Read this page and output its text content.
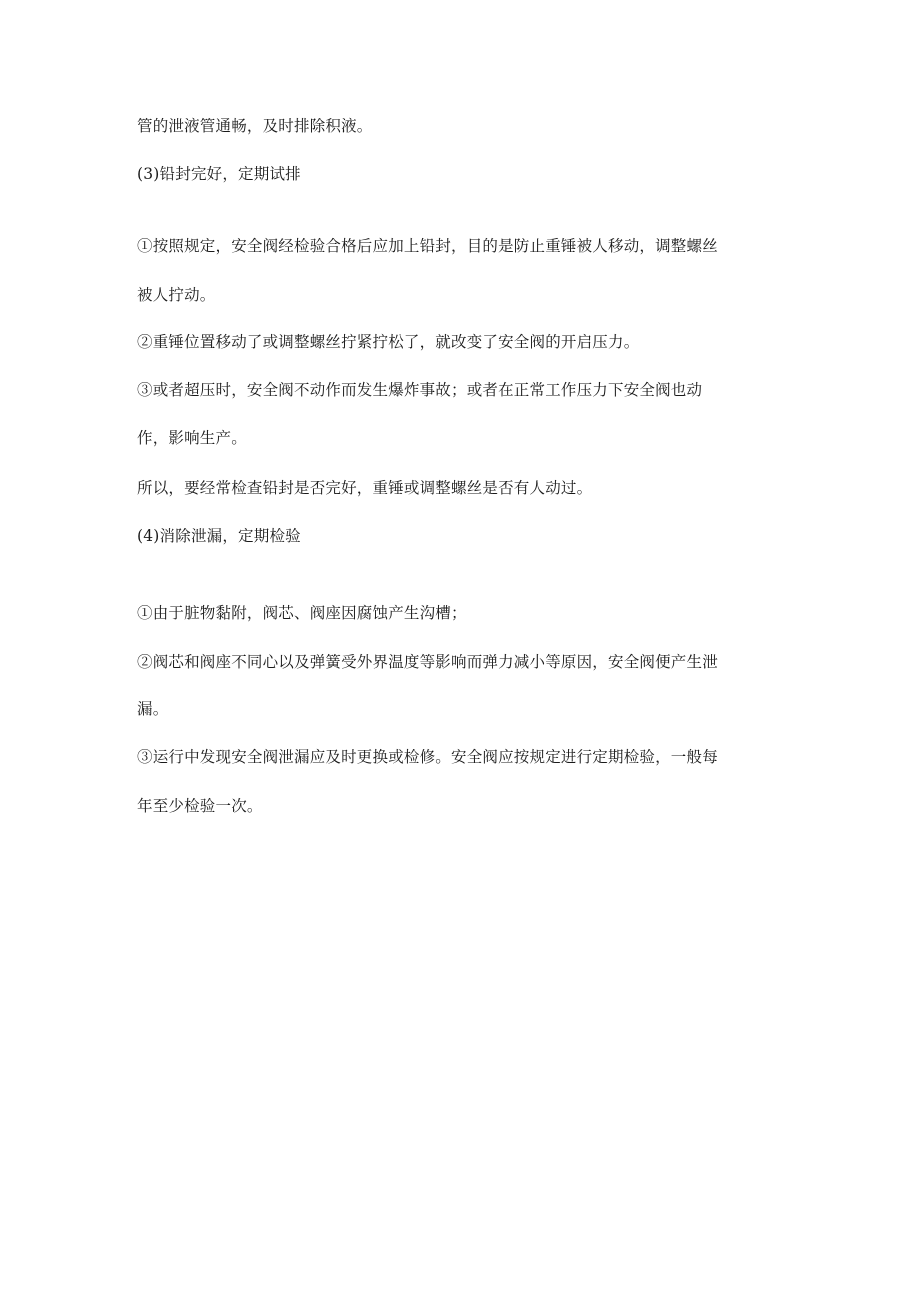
管的泄液管通畅，及时排除积液。
(3)铅封完好，定期试排
①按照规定，安全阀经检验合格后应加上铅封，目的是防止重锤被人移动，调整螺丝
被人拧动。
②重锤位置移动了或调整螺丝拧紧拧松了，就改变了安全阀的开启压力。
③或者超压时，安全阀不动作而发生爆炸事故；或者在正常工作压力下安全阀也动
作，影响生产。
所以，要经常检查铅封是否完好，重锤或调整螺丝是否有人动过。
(4)消除泄漏，定期检验
①由于脏物黏附，阀芯、阀座因腐蚀产生沟槽；
②阀芯和阀座不同心以及弹簧受外界温度等影响而弹力减小等原因，安全阀便产生泄
漏。
③运行中发现安全阀泄漏应及时更换或检修。安全阀应按规定进行定期检验，一般每
年至少检验一次。
